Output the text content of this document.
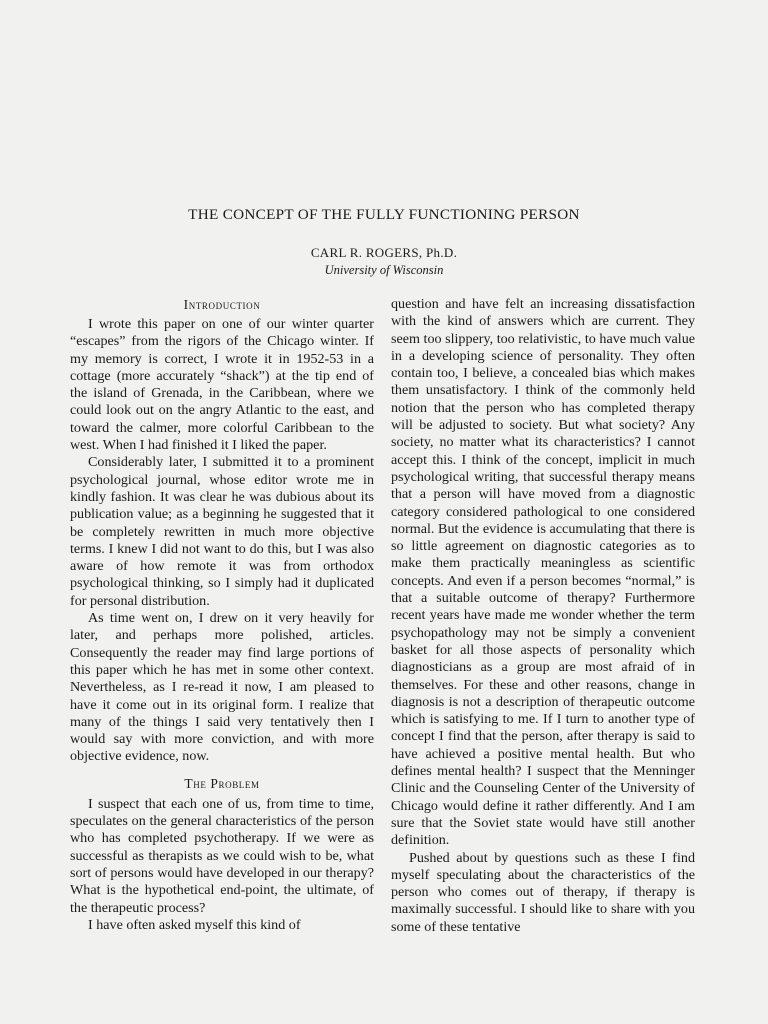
THE CONCEPT OF THE FULLY FUNCTIONING PERSON
CARL R. ROGERS, Ph.D.
University of Wisconsin
Introduction

I wrote this paper on one of our winter quarter “escapes” from the rigors of the Chicago winter. If my memory is correct, I wrote it in 1952-53 in a cottage (more accurately “shack”) at the tip end of the island of Grenada, in the Caribbean, where we could look out on the angry Atlantic to the east, and toward the calmer, more colorful Caribbean to the west. When I had finished it I liked the paper.

Considerably later, I submitted it to a prominent psychological journal, whose editor wrote me in kindly fashion. It was clear he was dubious about its publication value; as a beginning he suggested that it be completely rewritten in much more objective terms. I knew I did not want to do this, but I was also aware of how remote it was from orthodox psychological thinking, so I simply had it duplicated for personal distribution.

As time went on, I drew on it very heavily for later, and perhaps more polished, articles. Consequently the reader may find large portions of this paper which he has met in some other context. Nevertheless, as I re-read it now, I am pleased to have it come out in its original form. I realize that many of the things I said very tentatively then I would say with more conviction, and with more objective evidence, now.

The Problem

I suspect that each one of us, from time to time, speculates on the general characteristics of the person who has completed psychotherapy. If we were as successful as therapists as we could wish to be, what sort of persons would have developed in our therapy? What is the hypothetical end-point, the ultimate, of the therapeutic process?

I have often asked myself this kind of

question and have felt an increasing dissatisfaction with the kind of answers which are current. They seem too slippery, too relativistic, to have much value in a developing science of personality. They often contain too, I believe, a concealed bias which makes them unsatisfactory. I think of the commonly held notion that the person who has completed therapy will be adjusted to society. But what society? Any society, no matter what its characteristics? I cannot accept this. I think of the concept, implicit in much psychological writing, that successful therapy means that a person will have moved from a diagnostic category considered pathological to one considered normal. But the evidence is accumulating that there is so little agreement on diagnostic categories as to make them practically meaningless as scientific concepts. And even if a person becomes “normal,” is that a suitable outcome of therapy? Furthermore recent years have made me wonder whether the term psychopathology may not be simply a convenient basket for all those aspects of personality which diagnosticians as a group are most afraid of in themselves. For these and other reasons, change in diagnosis is not a description of therapeutic outcome which is satisfying to me. If I turn to another type of concept I find that the person, after therapy is said to have achieved a positive mental health. But who defines mental health? I suspect that the Menninger Clinic and the Counseling Center of the University of Chicago would define it rather differently. And I am sure that the Soviet state would have still another definition.

Pushed about by questions such as these I find myself speculating about the characteristics of the person who comes out of therapy, if therapy is maximally successful. I should like to share with you some of these tentative
